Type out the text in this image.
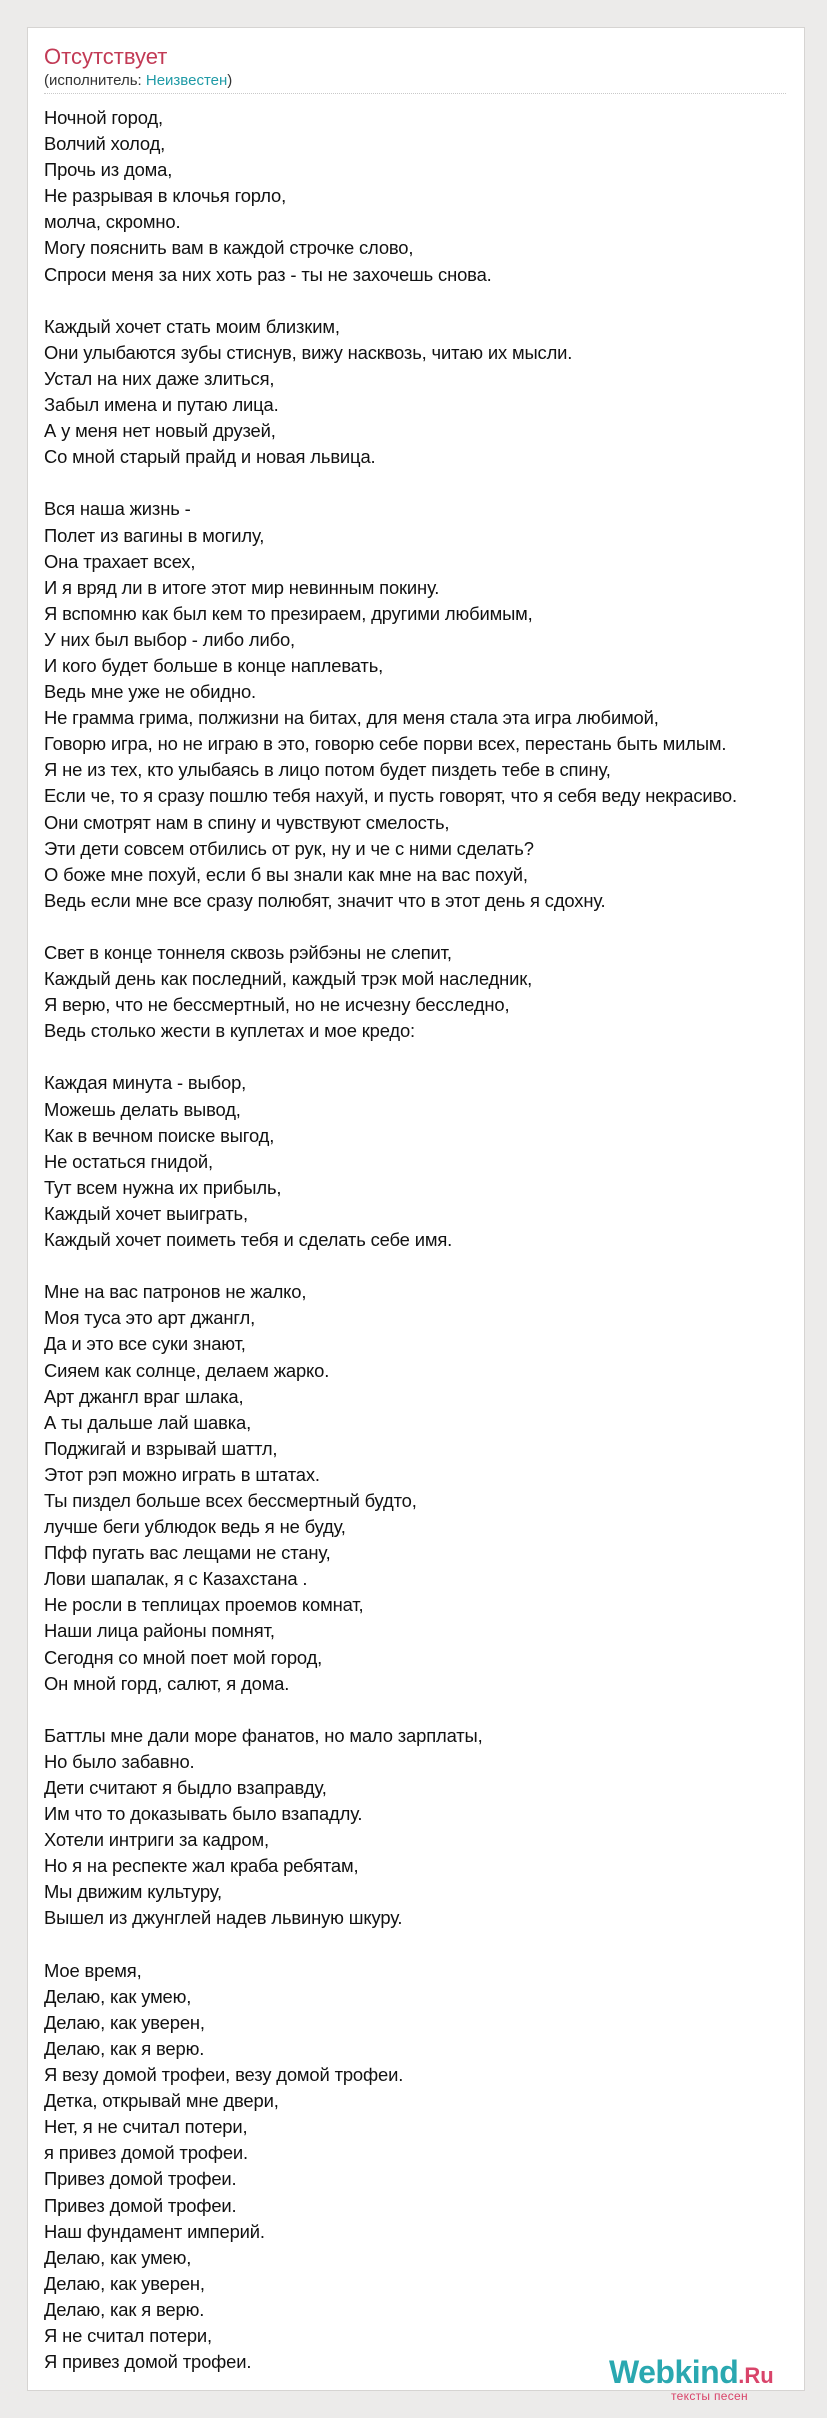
Отсутствует
(исполнитель: Неизвестен)
Ночной город,
Волчий холод,
Прочь из дома,
Не разрывая в клочья горло,
молча, скромно.
Могу пояснить вам в каждой строчке слово,
Спроси меня за них хоть раз - ты не захочешь снова.
Каждый хочет стать моим близким,
Они улыбаются зубы стиснув, вижу насквозь, читаю их мысли.
Устал на них даже злиться,
Забыл имена и путаю лица.
А у меня нет новый друзей,
Со мной старый прайд и новая львица.
Вся наша жизнь -
Полет из вагины в могилу,
Она трахает всех,
И я вряд ли в итоге этот мир невинным покину.
Я вспомню как был кем то презираем, другими любимым,
У них был выбор - либо либо,
И кого будет больше в конце наплевать,
Ведь мне уже не обидно.
Не грамма грима, полжизни на битах, для меня стала эта игра любимой,
Говорю игра, но не играю в это, говорю себе порви всех, перестань быть милым.
Я не из тех, кто улыбаясь в лицо потом будет пиздеть тебе в спину,
Если че, то я сразу пошлю тебя нахуй, и пусть говорят, что я себя веду некрасиво.
Они смотрят нам в спину и чувствуют смелость,
Эти дети совсем отбились от рук, ну и че с ними сделать?
О боже мне похуй, если б вы знали как мне на вас похуй,
Ведь если мне все сразу полюбят, значит что в этот день я сдохну.
Свет в конце тоннеля сквозь рэйбэны не слепит,
Каждый день как последний, каждый трэк мой наследник,
Я верю, что не бессмертный, но не исчезну бесследно,
Ведь столько жести в куплетах и мое кредо:
Каждая минута - выбор,
Можешь делать вывод,
Как в вечном поиске выгод,
Не остаться гнидой,
Тут всем нужна их прибыль,
Каждый хочет выиграть,
Каждый хочет поиметь тебя и сделать себе имя.
Мне на вас патронов не жалко,
Моя туса это арт джангл,
Да и это все суки знают,
Сияем как солнце, делаем жарко.
Арт джангл враг шлака,
А ты дальше лай шавка,
Поджигай и взрывай шаттл,
Этот рэп можно играть в штатах.
Ты пиздел больше всех бессмертный будто,
лучше беги ублюдок ведь я не буду,
Пфф пугать вас лещами не стану,
Лови шапалак, я с Казахстана .
Не росли в теплицах проемов комнат,
Наши лица районы помнят,
Сегодня со мной поет мой город,
Он мной горд, салют, я дома.
Баттлы мне дали море фанатов, но мало зарплаты,
Но было забавно.
Дети считают я быдло взаправду,
Им что то доказывать было взападлу.
Хотели интриги за кадром,
Но я на респекте жал краба ребятам,
Мы движим культуру,
Вышел из джунглей надев львиную шкуру.
Мое время,
Делаю, как умею,
Делаю, как уверен,
Делаю, как я верю.
Я везу домой трофеи, везу домой трофеи.
Детка, открывай мне двери,
Нет, я не считал потери,
я привез домой трофеи.
Привез домой трофеи.
Привез домой трофеи.
Наш фундамент империй.
Делаю, как умею,
Делаю, как уверен,
Делаю, как я верю.
Я не считал потери,
Я привез домой трофеи.	Webkind.Ru
тексты песен
